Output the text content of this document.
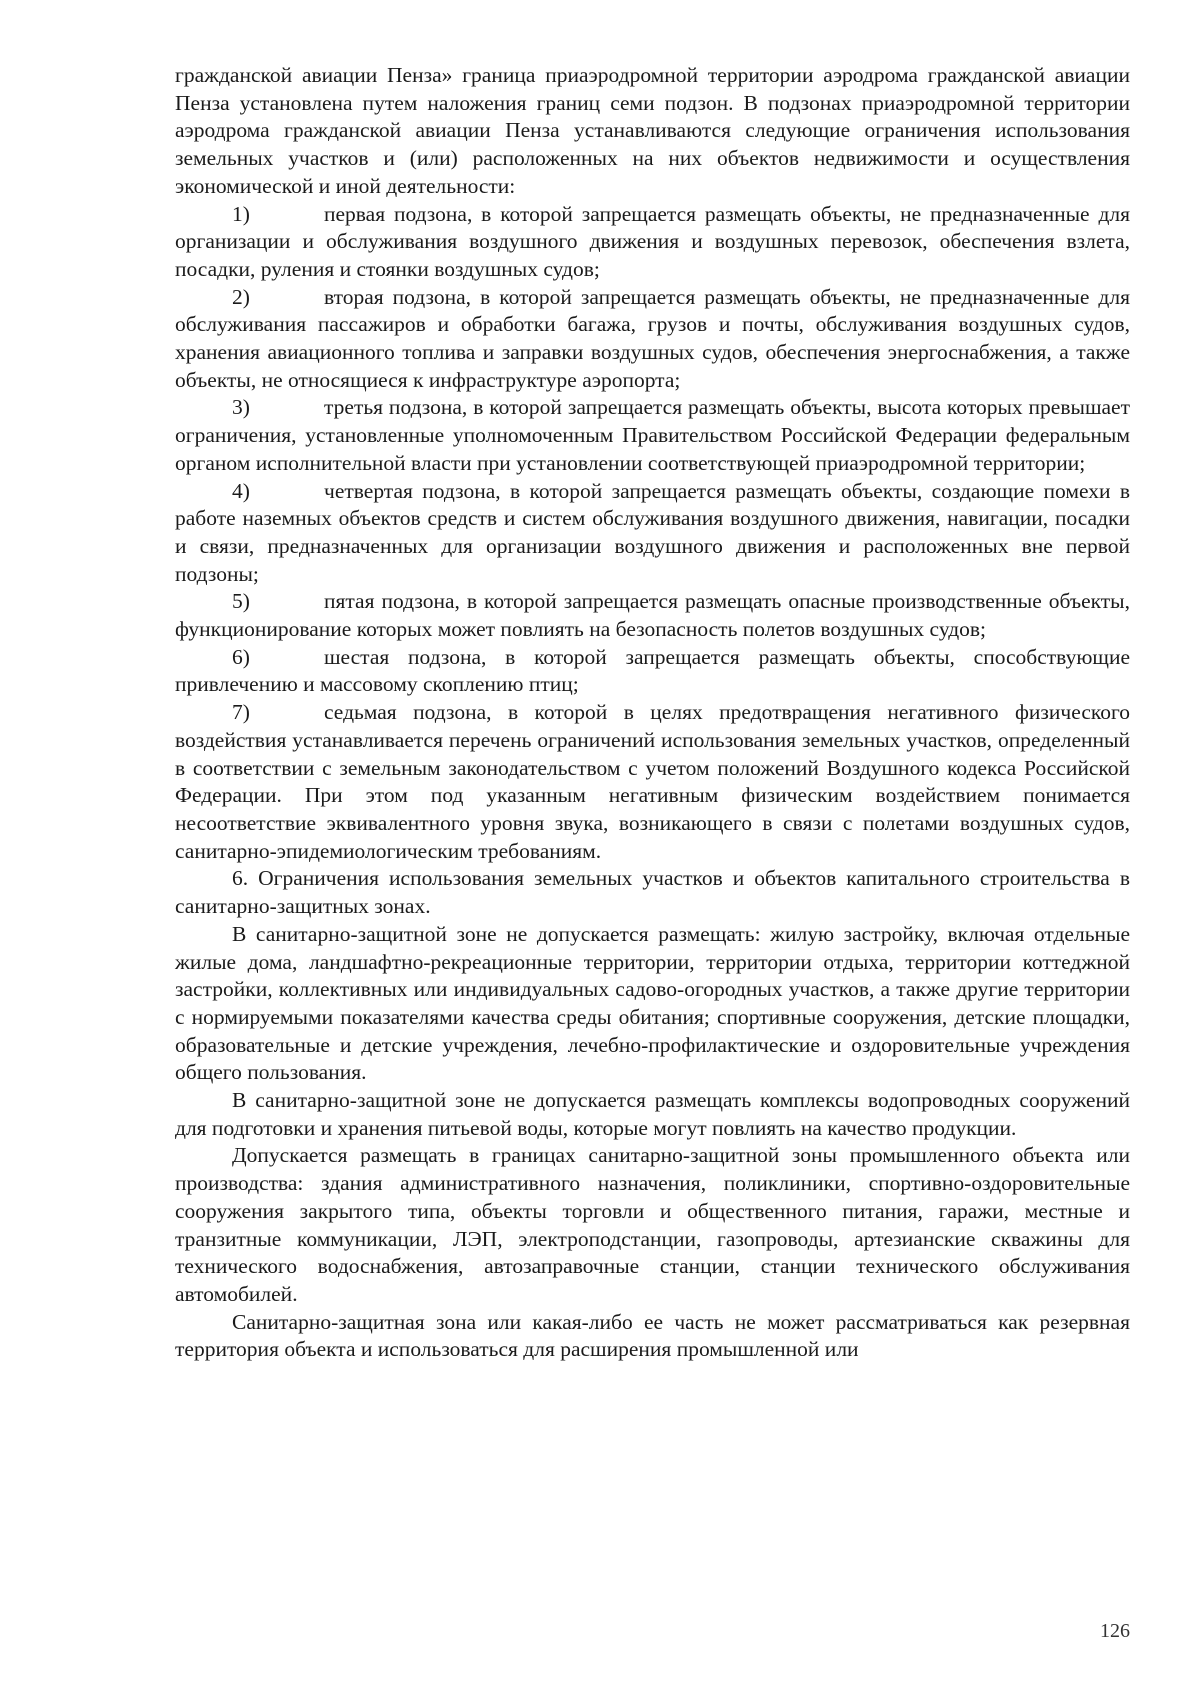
гражданской авиации Пенза» граница приаэродромной территории аэродрома гражданской авиации Пенза установлена путем наложения границ семи подзон. В подзонах приаэродромной территории аэродрома гражданской авиации Пенза устанавливаются следующие ограничения использования земельных участков и (или) расположенных на них объектов недвижимости и осуществления экономической и иной деятельности:

1)	первая подзона, в которой запрещается размещать объекты, не предназначенные для организации и обслуживания воздушного движения и воздушных перевозок, обеспечения взлета, посадки, руления и стоянки воздушных судов;

2)	вторая подзона, в которой запрещается размещать объекты, не предназначенные для обслуживания пассажиров и обработки багажа, грузов и почты, обслуживания воздушных судов, хранения авиационного топлива и заправки воздушных судов, обеспечения энергоснабжения, а также объекты, не относящиеся к инфраструктуре аэропорта;

3)	третья подзона, в которой запрещается размещать объекты, высота которых превышает ограничения, установленные уполномоченным Правительством Российской Федерации федеральным органом исполнительной власти при установлении соответствующей приаэродромной территории;

4)	четвертая подзона, в которой запрещается размещать объекты, создающие помехи в работе наземных объектов средств и систем обслуживания воздушного движения, навигации, посадки и связи, предназначенных для организации воздушного движения и расположенных вне первой подзоны;

5)	пятая подзона, в которой запрещается размещать опасные производственные объекты, функционирование которых может повлиять на безопасность полетов воздушных судов;

6)	шестая подзона, в которой запрещается размещать объекты, способствующие привлечению и массовому скоплению птиц;

7)	седьмая подзона, в которой в целях предотвращения негативного физического воздействия устанавливается перечень ограничений использования земельных участков, определенный в соответствии с земельным законодательством с учетом положений Воздушного кодекса Российской Федерации. При этом под указанным негативным физическим воздействием понимается несоответствие эквивалентного уровня звука, возникающего в связи с полетами воздушных судов, санитарно-эпидемиологическим требованиям.

6. Ограничения использования земельных участков и объектов капитального строительства в санитарно-защитных зонах.

В санитарно-защитной зоне не допускается размещать: жилую застройку, включая отдельные жилые дома, ландшафтно-рекреационные территории, территории отдыха, территории коттеджной застройки, коллективных или индивидуальных садово-огородных участков, а также другие территории с нормируемыми показателями качества среды обитания; спортивные сооружения, детские площадки, образовательные и детские учреждения, лечебно-профилактические и оздоровительные учреждения общего пользования.

В санитарно-защитной зоне не допускается размещать комплексы водопроводных сооружений для подготовки и хранения питьевой воды, которые могут повлиять на качество продукции.

Допускается размещать в границах санитарно-защитной зоны промышленного объекта или производства: здания административного назначения, поликлиники, спортивно-оздоровительные сооружения закрытого типа, объекты торговли и общественного питания, гаражи, местные и транзитные коммуникации, ЛЭП, электроподстанции, газопроводы, артезианские скважины для технического водоснабжения, автозаправочные станции, станции технического обслуживания автомобилей.

Санитарно-защитная зона или какая-либо ее часть не может рассматриваться как резервная территория объекта и использоваться для расширения промышленной или

126
